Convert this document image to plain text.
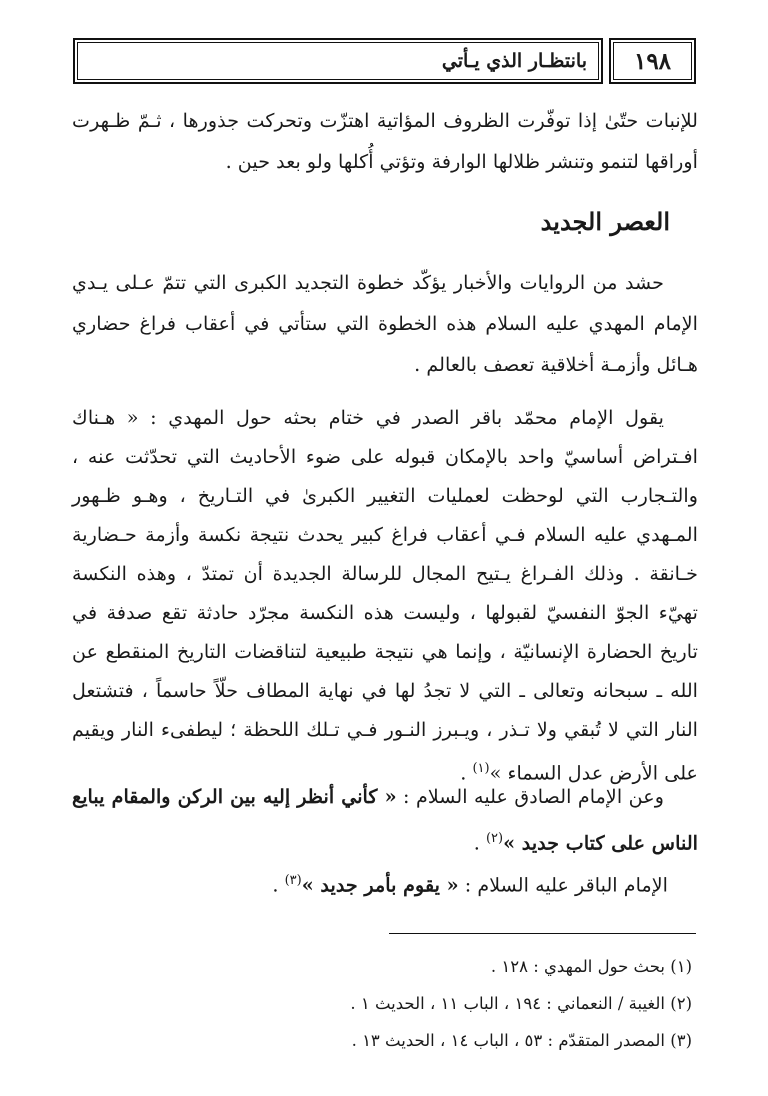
١٩٨
بانتظـار الذي يـأتي
للإنبات حتّىٰ إذا توفّرت الظروف المؤاتية اهتزّت وتحركت جذورها ، ثـمّ ظـهرت أوراقها لتنمو وتنشر ظلالها الوارفة وتؤتي أُكلها ولو بعد حين .
العصر الجديد
حشد من الروايات والأخبار يؤكّد خطوة التجديد الكبرى التي تتمّ عـلى يـدي الإمام المهدي عليه السلام هذه الخطوة التي ستأتي في أعقاب فراغ حضاري هـائل وأزمـة أخلاقية تعصف بالعالم .
يقول الإمام محمّد باقر الصدر في ختام بحثه حول المهدي : « هـناك افـتراض أساسيّ واحد بالإمكان قبوله على ضوء الأحاديث التي تحدّثت عنه ، والتـجارب التي لوحظت لعمليات التغيير الكبرىٰ في التـاريخ ، وهـو ظـهور المـهدي عليه السلام فـي أعقاب فراغ كبير يحدث نتيجة نكسة وأزمة حـضارية خـانقة . وذلك الفـراغ يـتيح المجال للرسالة الجديدة أن تمتدّ ، وهذه النكسة تهيّء الجوّ النفسيّ لقبولها ، وليست هذه النكسة مجرّد حادثة تقع صدفة في تاريخ الحضارة الإنسانيّة ، وإنما هي نتيجة طبيعية لتناقضات التاريخ المنقطع عن الله ـ سبحانه وتعالى ـ التي لا تجدُ لها في نهاية المطاف حلّاً حاسماً ، فتشتعل النار التي لا تُبقي ولا تـذر ، ويـبرز النـور فـي تـلك اللحظة ؛ ليطفىء النار ويقيم على الأرض عدل السماء »$^{(١)}$ .
وعن الإمام الصادق عليه السلام : « كأني أنظر إليه بين الركن والمقام يبايع الناس على كتاب جديد »$^{(٢)}$ .
الإمام الباقر عليه السلام : « يقوم بأمر جديد »$^{(٣)}$ .
(١) بحث حول المهدي : ١٢٨ .
(٢) الغيبة / النعماني : ١٩٤ ، الباب ١١ ، الحديث ١ .
(٣) المصدر المتقدّم : ٥٣ ، الباب ١٤ ، الحديث ١٣ .
